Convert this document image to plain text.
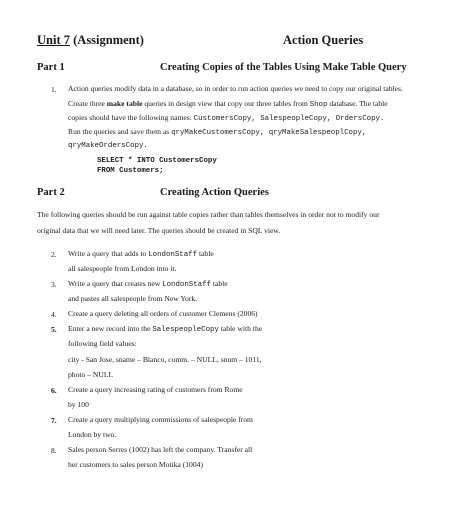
Unit 7 (Assignment)	Action Queries
Part 1	Creating Copies of the Tables Using Make Table Query
1. Action queries modify data in a database, so in order to run action queries we need to copy our original tables.
Create three make table queries in design view that copy our three tables from Shop database. The table
copies should have the following names: CustomersCopy, SalespeopleCopy, OrdersCopy.
Run the queries and save them as qryMakeCustomersCopy, qryMakeSalespeoplCopy,
qryMakeOrdersCopy.
SELECT * INTO CustomersCopy
FROM Customers;
Part 2	Creating Action Queries
The following queries should be run against table copies rather than tables themselves in order not to modify our
original data that we will need later. The queries should be created in SQL view.
2. Write a query that adds to LondonStaff table
all salespeople from London into it.
3. Write a query that creates new LondonStaff table
and pastes all salespeople from New York.
4. Create a query deleting all orders of customer Clemens (2006)
5. Enter a new record into the SalespeopleCopy table with the
following field values:
city - San Jose, sname – Blanco, comm. – NULL, snum – 1011,
photo – NULL
6. Create a query increasing rating of customers from Rome
by 100
7. Create a query multiplying commissions of salespeople from
London by two.
8. Sales person Serres (1002) has left the company. Transfer all
her customers to sales person Motika (1004)
